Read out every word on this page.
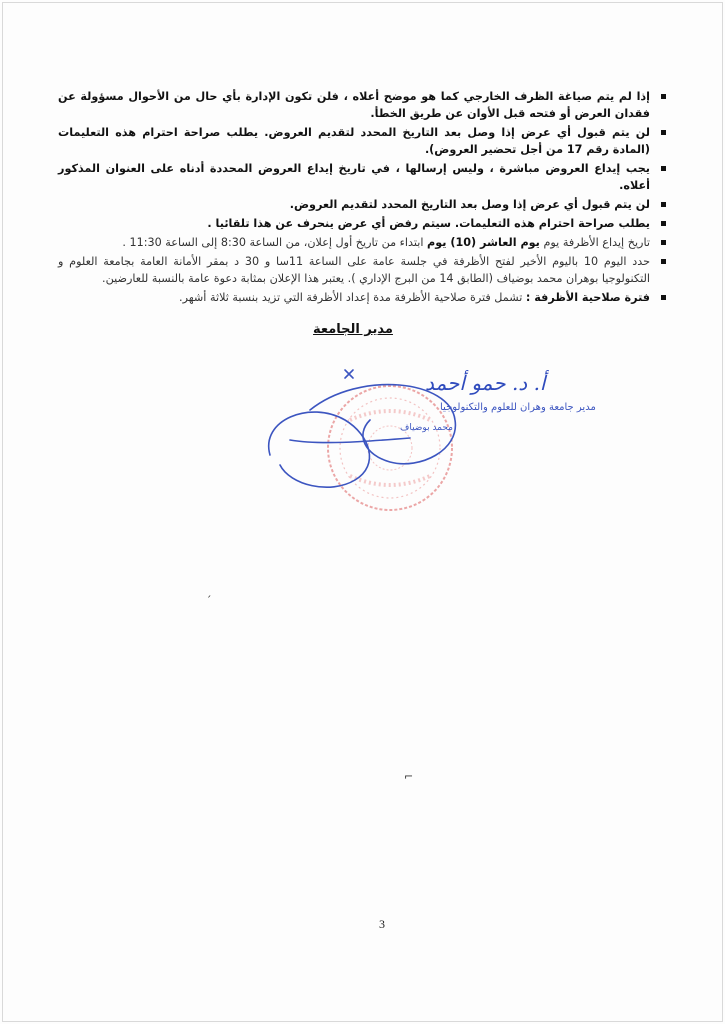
إذا لم يتم صياغة الظرف الخارجي كما هو موضح أعلاه ، فلن تكون الإدارة بأي حال من الأحوال مسؤولة عن فقدان العرض أو فتحه قبل الأوان عن طريق الخطأ.
لن يتم قبول أي عرض إذا وصل بعد التاريخ المحدد لتقديم العروض. يطلب صراحة احترام هذه التعليمات (المادة رقم 17 من أجل تحضير العروض).
يجب إيداع العروض مباشرة ، وليس إرسالها ، في تاريخ إيداع العروض المحددة أدناه على العنوان المذكور أعلاه.
لن يتم قبول أي عرض إذا وصل بعد التاريخ المحدد لتقديم العروض.
يطلب صراحة احترام هذه التعليمات. سيتم رفض أي عرض ينحرف عن هذا تلقائيا .
تاريخ إيداع الأظرفة يوم يوم العاشر (10) يوم ابتداء من تاريخ أول إعلان، من الساعة 8:30 إلى الساعة 11:30 .
حدد اليوم 10 باليوم الأخير لفتح الأظرفة في جلسة عامة على الساعة 11سا و 30 د بمقر الأمانة العامة بجامعة العلوم و التكنولوجيا بوهران محمد بوضياف (الطابق 14 من البرج الإداري ). يعتبر هذا الإعلان بمثابة دعوة عامة بالنسبة للعارضين.
فترة صلاحية الأظرفة : تشمل فترة صلاحية الأظرفة مدة إعداد الأظرفة التي تزيد بنسبة ثلاثة أشهر.
مدير الجامعة
مدير جامعة وهران للعلوم والتكنولوجيا
محمد بوضياف
أ. د. حمو أحمد
ˏ
⌐
3
